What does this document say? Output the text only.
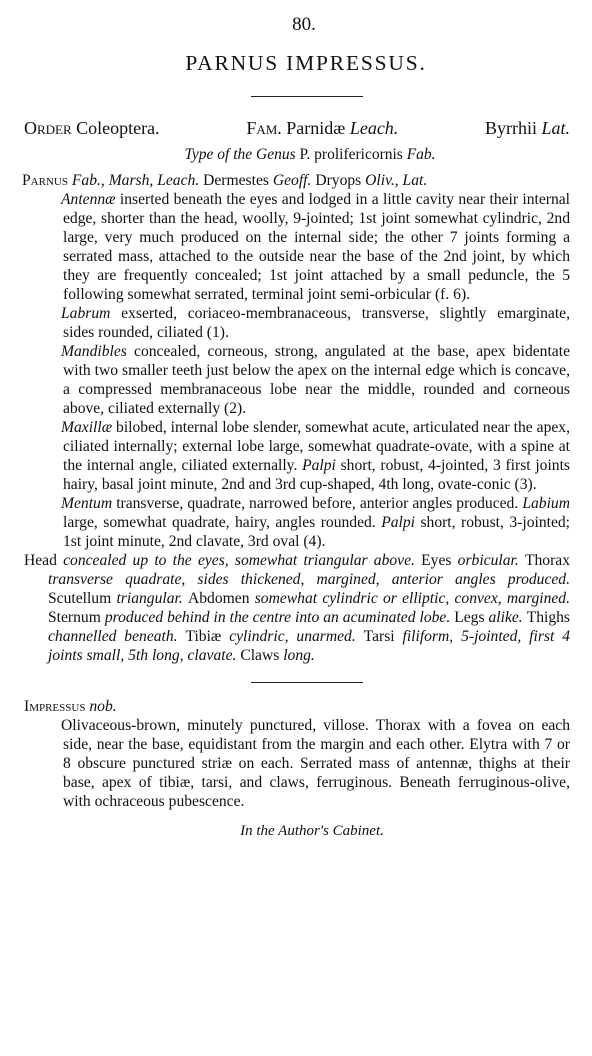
80.
PARNUS IMPRESSUS.
Order Coleoptera.	Fam. Parnidæ Leach.	Byrrhii Lat.
Type of the Genus P. prolifericornis Fab.
Parnus Fab., Marsh, Leach. Dermestes Geoff. Dryops Oliv., Lat.
Antennæ inserted beneath the eyes and lodged in a little cavity near their internal edge, shorter than the head, woolly, 9-jointed; 1st joint somewhat cylindric, 2nd large, very much produced on the internal side; the other 7 joints forming a serrated mass, attached to the outside near the base of the 2nd joint, by which they are frequently concealed; 1st joint attached by a small peduncle, the 5 following somewhat serrated, terminal joint semi-orbicular (f. 6).
Labrum exserted, coriaceo-membranaceous, transverse, slightly emarginate, sides rounded, ciliated (1).
Mandibles concealed, corneous, strong, angulated at the base, apex bidentate with two smaller teeth just below the apex on the internal edge which is concave, a compressed membranaceous lobe near the middle, rounded and corneous above, ciliated externally (2).
Maxillæ bilobed, internal lobe slender, somewhat acute, articulated near the apex, ciliated internally; external lobe large, somewhat quadrate-ovate, with a spine at the internal angle, ciliated externally. Palpi short, robust, 4-jointed, 3 first joints hairy, basal joint minute, 2nd and 3rd cup-shaped, 4th long, ovate-conic (3).
Mentum transverse, quadrate, narrowed before, anterior angles produced. Labium large, somewhat quadrate, hairy, angles rounded. Palpi short, robust, 3-jointed; 1st joint minute, 2nd clavate, 3rd oval (4).
Head concealed up to the eyes, somewhat triangular above. Eyes orbicular. Thorax transverse quadrate, sides thickened, margined, anterior angles produced. Scutellum triangular. Abdomen somewhat cylindric or elliptic, convex, margined. Sternum produced behind in the centre into an acuminated lobe. Legs alike. Thighs channelled beneath. Tibiæ cylindric, unarmed. Tarsi filiform, 5-jointed, first 4 joints small, 5th long, clavate. Claws long.
Impressus nob.
Olivaceous-brown, minutely punctured, villose. Thorax with a fovea on each side, near the base, equidistant from the margin and each other. Elytra with 7 or 8 obscure punctured striæ on each. Serrated mass of antennæ, thighs at their base, apex of tibiæ, tarsi, and claws, ferruginous. Beneath ferruginous-olive, with ochraceous pubescence.
In the Author's Cabinet.
